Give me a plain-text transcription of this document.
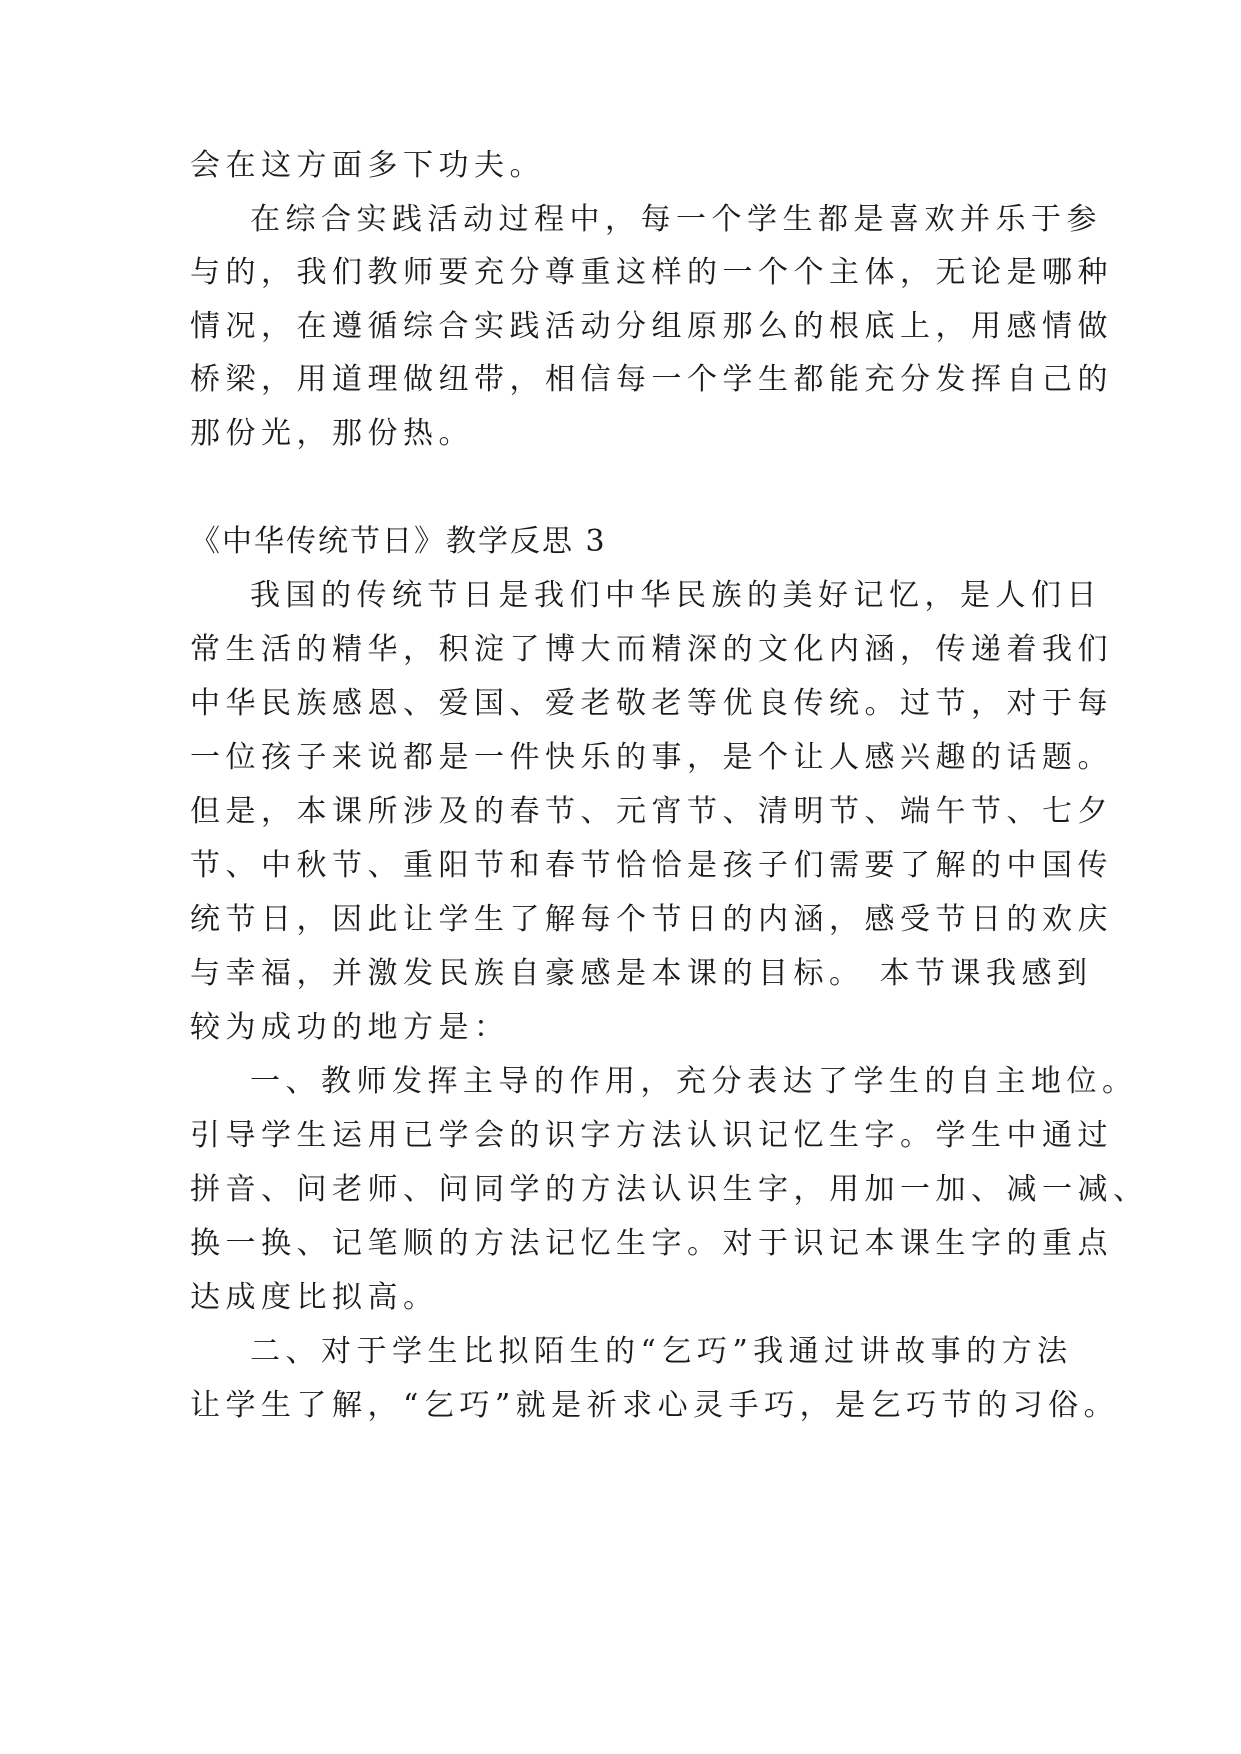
会在这方面多下功夫。
在综合实践活动过程中，每一个学生都是喜欢并乐于参
与的，我们教师要充分尊重这样的一个个主体，无论是哪种
情况，在遵循综合实践活动分组原那么的根底上，用感情做
桥梁，用道理做纽带，相信每一个学生都能充分发挥自己的
那份光，那份热。
《中华传统节日》教学反思 3
我国的传统节日是我们中华民族的美好记忆，是人们日
常生活的精华，积淀了博大而精深的文化内涵，传递着我们
中华民族感恩、爱国、爱老敬老等优良传统。过节，对于每
一位孩子来说都是一件快乐的事，是个让人感兴趣的话题。
但是，本课所涉及的春节、元宵节、清明节、端午节、七夕
节、中秋节、重阳节和春节恰恰是孩子们需要了解的中国传
统节日，因此让学生了解每个节日的内涵，感受节日的欢庆
与幸福，并激发民族自豪感是本课的目标。 本节课我感到
较为成功的地方是：
一、教师发挥主导的作用，充分表达了学生的自主地位。
引导学生运用已学会的识字方法认识记忆生字。学生中通过
拼音、问老师、问同学的方法认识生字，用加一加、减一减、
换一换、记笔顺的方法记忆生字。对于识记本课生字的重点
达成度比拟高。
二、对于学生比拟陌生的“乞巧”我通过讲故事的方法
让学生了解，“乞巧”就是祈求心灵手巧，是乞巧节的习俗。
